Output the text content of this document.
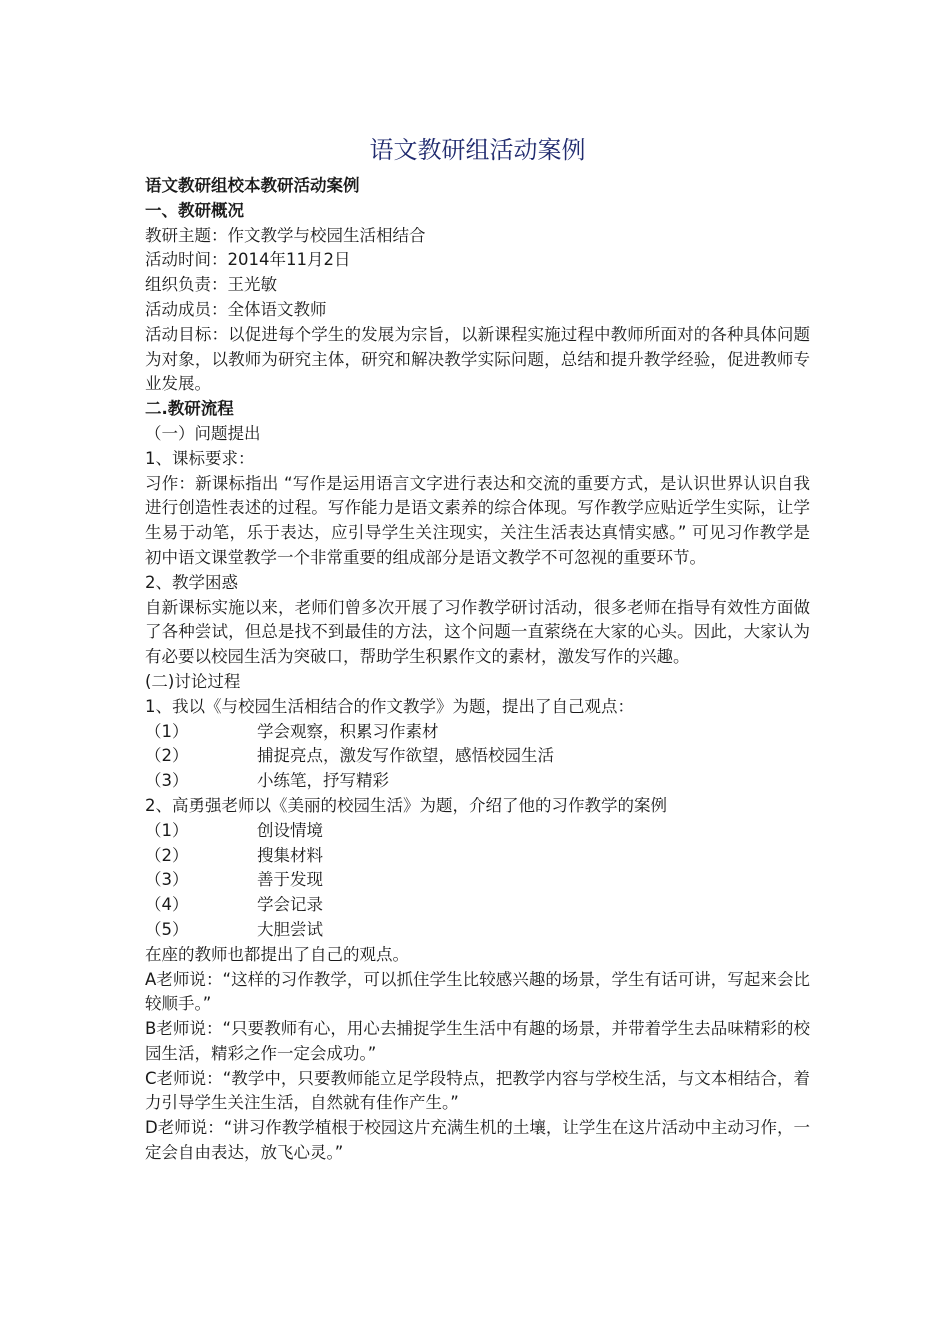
语文教研组活动案例
语文教研组校本教研活动案例
一、教研概况
教研主题：作文教学与校园生活相结合
活动时间：2014年11月2日
组织负责：王光敏
活动成员：全体语文教师
活动目标：以促进每个学生的发展为宗旨，以新课程实施过程中教师所面对的各种具体问题为对象，以教师为研究主体，研究和解决教学实际问题，总结和提升教学经验，促进教师专业发展。
二.教研流程
（一）问题提出
1、课标要求：
习作：新课标指出 “写作是运用语言文字进行表达和交流的重要方式，是认识世界认识自我进行创造性表述的过程。写作能力是语文素养的综合体现。写作教学应贴近学生实际，让学生易于动笔，乐于表达，应引导学生关注现实，关注生活表达真情实感。” 可见习作教学是初中语文课堂教学一个非常重要的组成部分是语文教学不可忽视的重要环节。
2、教学困惑
自新课标实施以来，老师们曾多次开展了习作教学研讨活动，很多老师在指导有效性方面做了各种尝试，但总是找不到最佳的方法，这个问题一直萦绕在大家的心头。因此，大家认为有必要以校园生活为突破口，帮助学生积累作文的素材，激发写作的兴趣。
(二)讨论过程
1、我以《与校园生活相结合的作文教学》为题，提出了自己观点：
（1）	学会观察，积累习作素材
（2）	捕捉亮点，激发写作欲望，感悟校园生活
（3）	小练笔，抒写精彩
2、高勇强老师以《美丽的校园生活》为题，介绍了他的习作教学的案例
（1）	创设情境
（2）	搜集材料
（3）	善于发现
（4）	学会记录
（5）	大胆尝试
在座的教师也都提出了自己的观点。
A老师说：“这样的习作教学，可以抓住学生比较感兴趣的场景，学生有话可讲，写起来会比较顺手。”
B老师说：“只要教师有心，用心去捕捉学生生活中有趣的场景，并带着学生去品味精彩的校园生活，精彩之作一定会成功。”
C老师说：“教学中，只要教师能立足学段特点，把教学内容与学校生活，与文本相结合，着力引导学生关注生活，自然就有佳作产生。”
D老师说：“讲习作教学植根于校园这片充满生机的土壤，让学生在这片活动中主动习作，一定会自由表达，放飞心灵。”
